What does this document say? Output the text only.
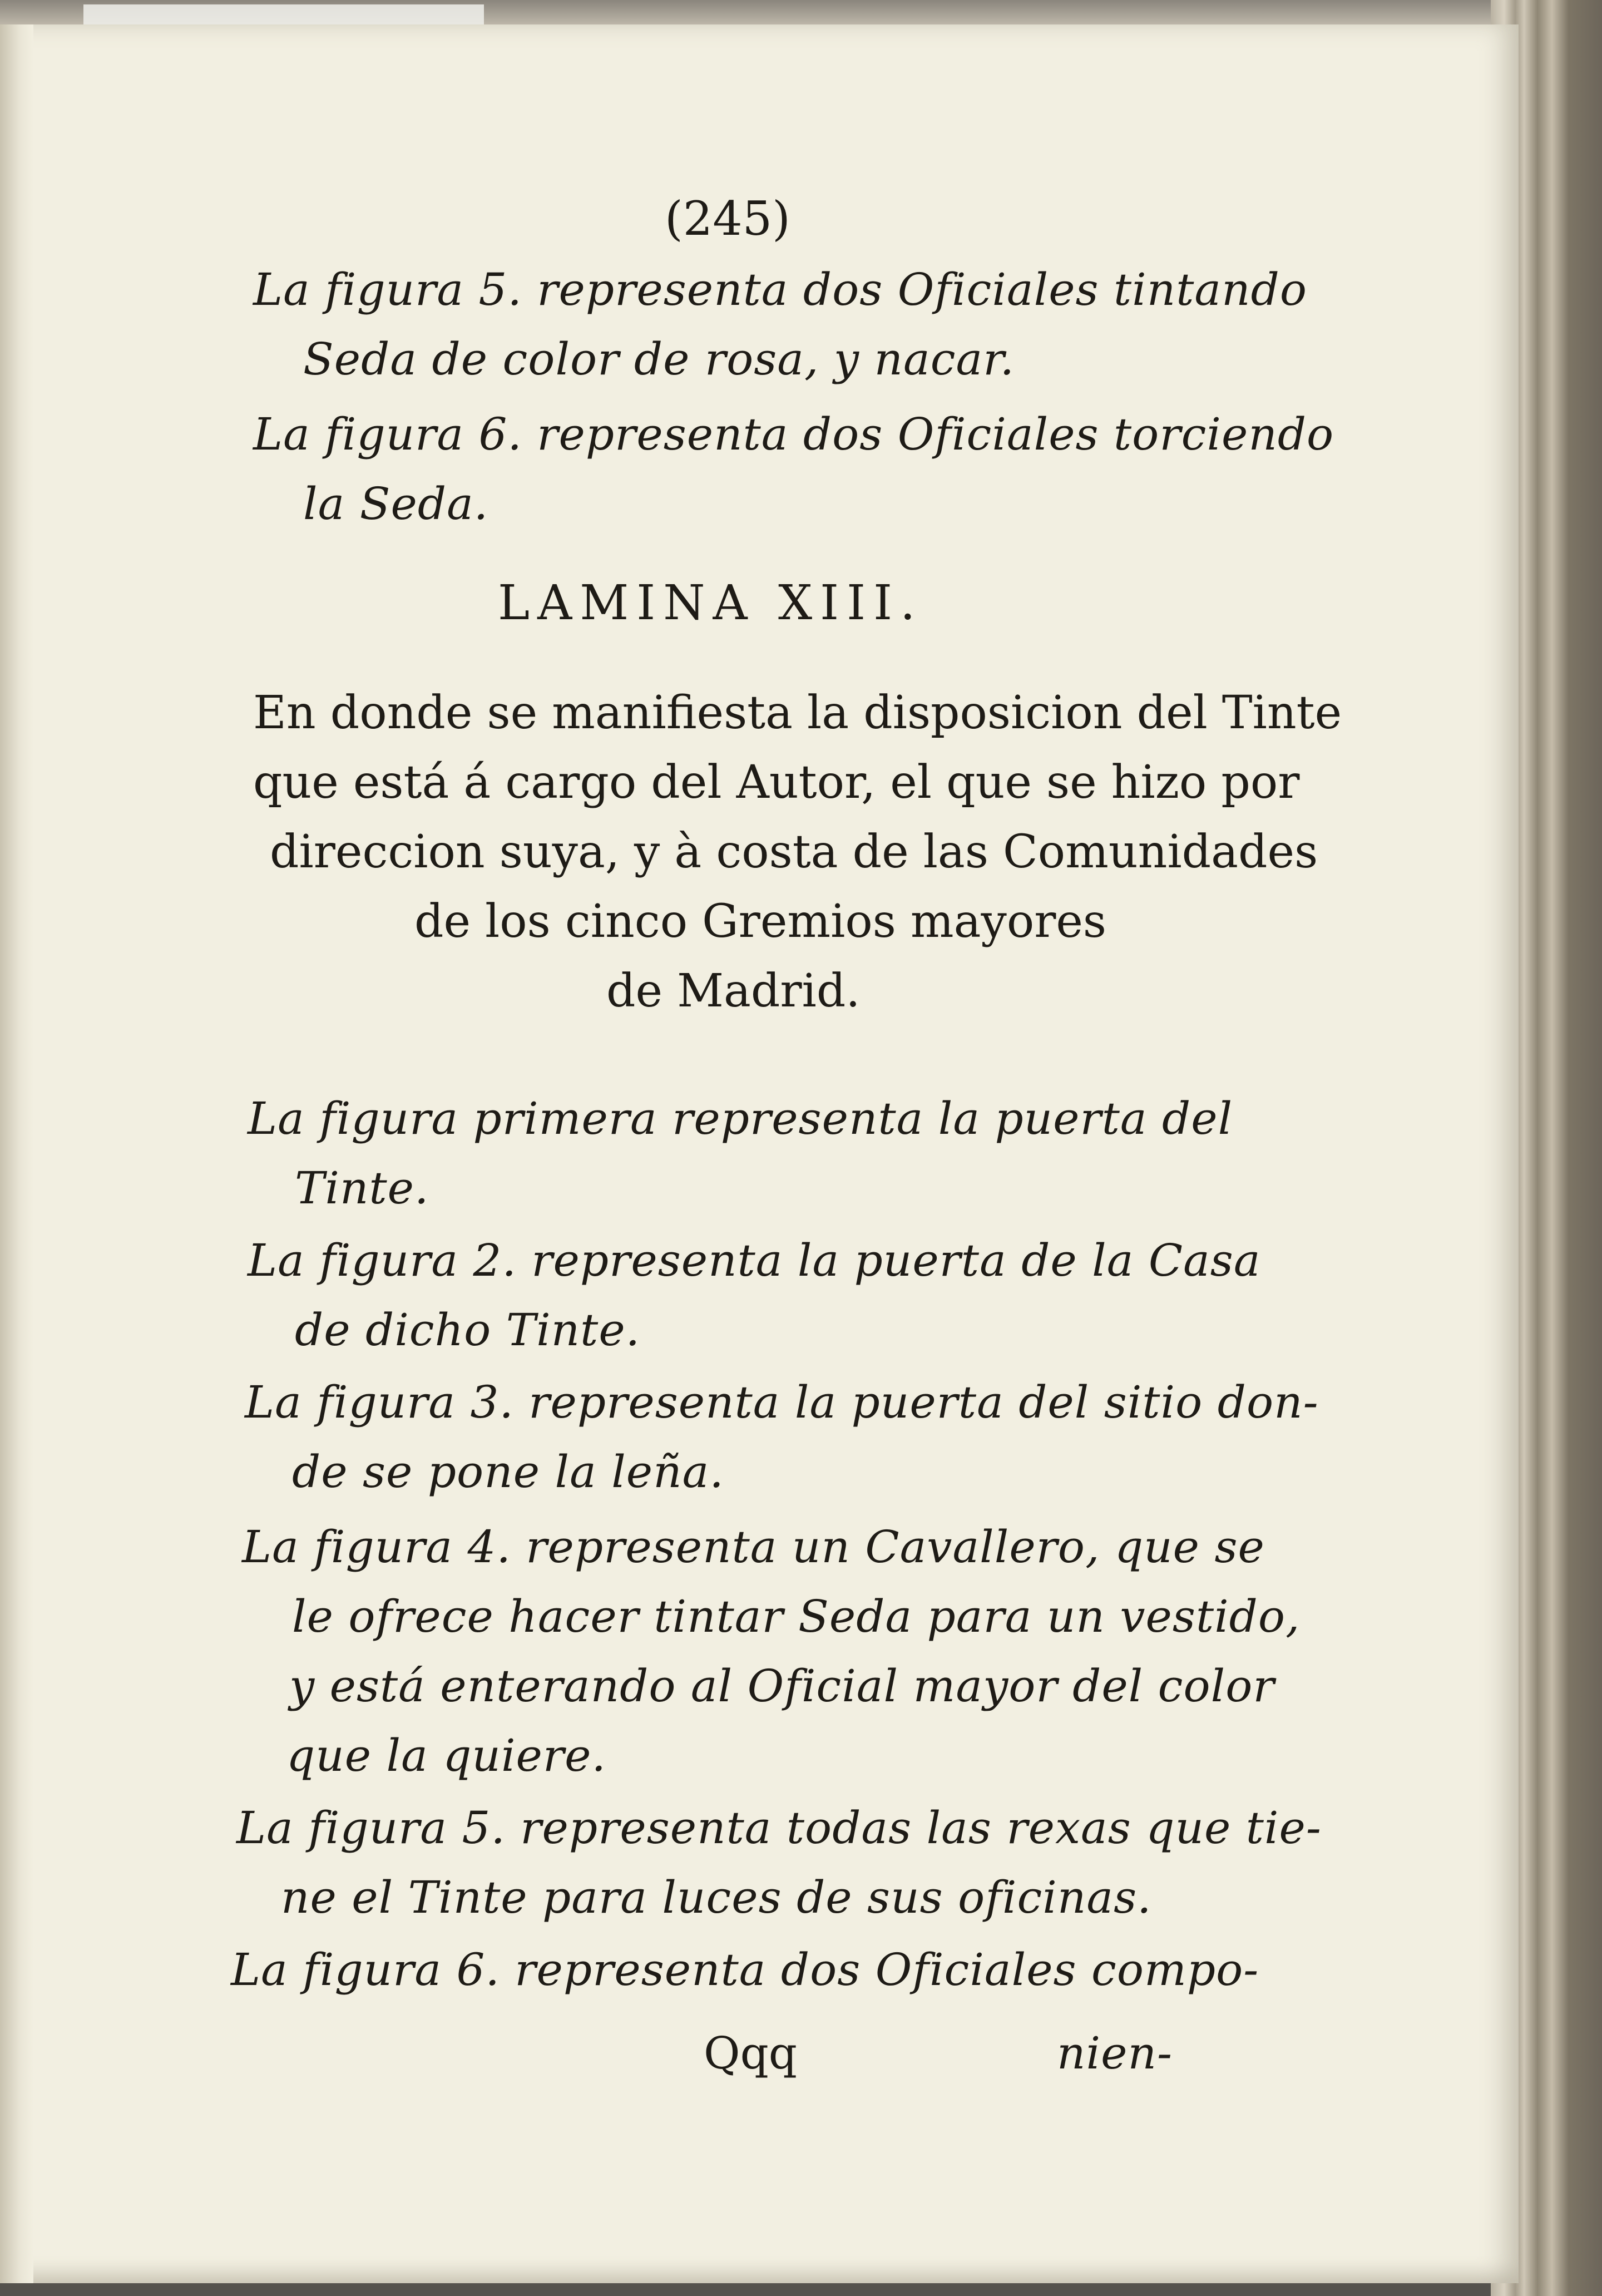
(245)
La figura 5. representa dos Oficiales tintando
Seda de color de rosa, y nacar.
La figura 6. representa dos Oficiales torciendo
la Seda.
LAMINA XIII.
En donde se manifiesta la disposicion del Tinte
que está á cargo del Autor, el que se hizo por
direccion suya, y à costa de las Comunidades
de los cinco Gremios mayores
de Madrid.
La figura primera representa la puerta del
Tinte.
La figura 2. representa la puerta de la Casa
de dicho Tinte.
La figura 3. representa la puerta del sitio don-
de se pone la leña.
La figura 4. representa un Cavallero, que se
le ofrece hacer tintar Seda para un vestido,
y está enterando al Oficial mayor del color
que la quiere.
La figura 5. representa todas las rexas que tie-
ne el Tinte para luces de sus oficinas.
La figura 6. representa dos Oficiales compo-
Qqq	nien-
